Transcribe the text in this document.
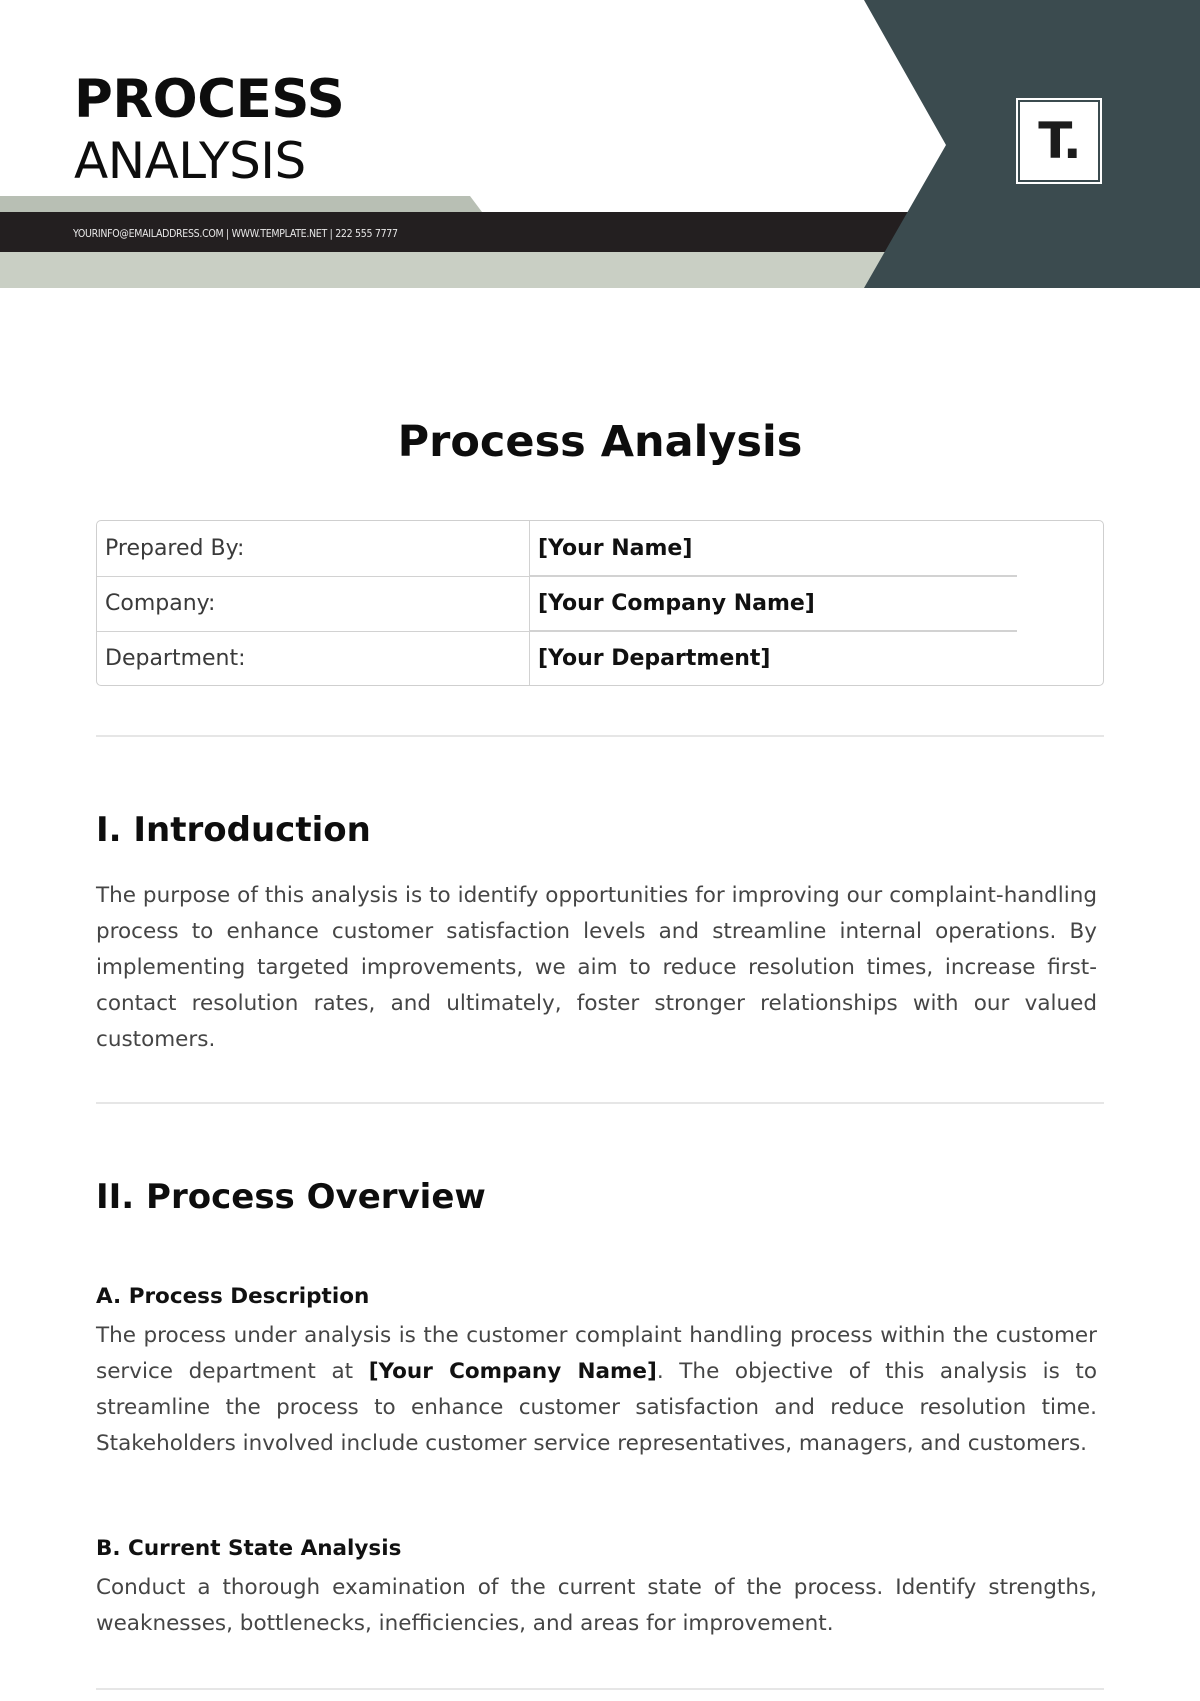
PROCESS
ANALYSIS
YOURINFO@EMAILADDRESS.COM | WWW.TEMPLATE.NET | 222 555 7777
T.
Process Analysis
Prepared By:	[Your Name]
Company:	[Your Company Name]
Department:	[Your Department]
I. Introduction

The purpose of this analysis is to identify opportunities for improving our complaint-handling process to enhance customer satisfaction levels and streamline internal operations. By implementing targeted improvements, we aim to reduce resolution times, increase first-contact resolution rates, and ultimately, foster stronger relationships with our valued customers.

II. Process Overview
A. Process Description

The process under analysis is the customer complaint handling process within the customer service department at [Your Company Name]. The objective of this analysis is to streamline the process to enhance customer satisfaction and reduce resolution time. Stakeholders involved include customer service representatives, managers, and customers.

B. Current State Analysis

Conduct a thorough examination of the current state of the process. Identify strengths, weaknesses, bottlenecks, inefficiencies, and areas for improvement.
